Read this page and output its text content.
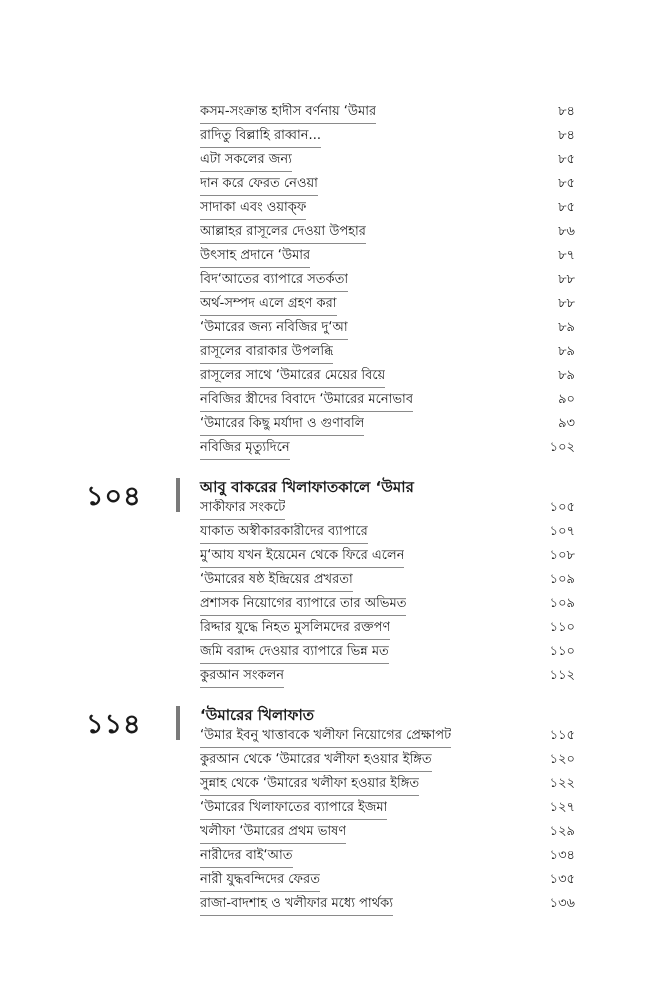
কসম-সংক্রান্ত হাদীস বর্ণনায় ‘উমার	৮৪
রাদিতু বিল্লাহি রাব্বান...	৮৪
এটা সকলের জন্য	৮৫
দান করে ফেরত নেওয়া	৮৫
সাদাকা এবং ওয়াক্‌ফ	৮৫
আল্লাহর রাসূলের দেওয়া উপহার	৮৬
উৎসাহ প্রদানে ‘উমার	৮৭
বিদ‘আতের ব্যাপারে সতর্কতা	৮৮
অর্থ-সম্পদ এলে গ্রহণ করা	৮৮
‘উমারের জন্য নবিজির দু‘আ	৮৯
রাসূলের বারাকার উপলব্ধি	৮৯
রাসূলের সাথে ‘উমারের মেয়ের বিয়ে	৮৯
নবিজির স্ত্রীদের বিবাদে ‘উমারের মনোভাব	৯০
‘উমারের কিছু মর্যাদা ও গুণাবলি	৯৩
নবিজির মৃত্যুদিনে	১০২
১০৪	আবু বাকরের খিলাফাতকালে ‘উমার
সাকীফার সংকটে	১০৫
যাকাত অস্বীকারকারীদের ব্যাপারে	১০৭
মু‘আয যখন ইয়েমেন থেকে ফিরে এলেন	১০৮
‘উমারের ষষ্ঠ ইন্দ্রিয়ের প্রখরতা	১০৯
প্রশাসক নিয়োগের ব্যাপারে তার অভিমত	১০৯
রিদ্দার যুদ্ধে নিহত মুসলিমদের রক্তপণ	১১০
জমি বরাদ্দ দেওয়ার ব্যাপারে ভিন্ন মত	১১০
কুরআন সংকলন	১১২
১১৪	‘উমারের খিলাফাত
‘উমার ইবনু খাত্তাবকে খলীফা নিয়োগের প্রেক্ষাপট	১১৫
কুরআন থেকে ‘উমারের খলীফা হওয়ার ইঙ্গিত	১২০
সুন্নাহ থেকে ‘উমারের খলীফা হওয়ার ইঙ্গিত	১২২
‘উমারের খিলাফাতের ব্যাপারে ইজমা	১২৭
খলীফা ‘উমারের প্রথম ভাষণ	১২৯
নারীদের বাই‘আত	১৩৪
নারী যুদ্ধবন্দিদের ফেরত	১৩৫
রাজা-বাদশাহ ও খলীফার মধ্যে পার্থক্য	১৩৬
